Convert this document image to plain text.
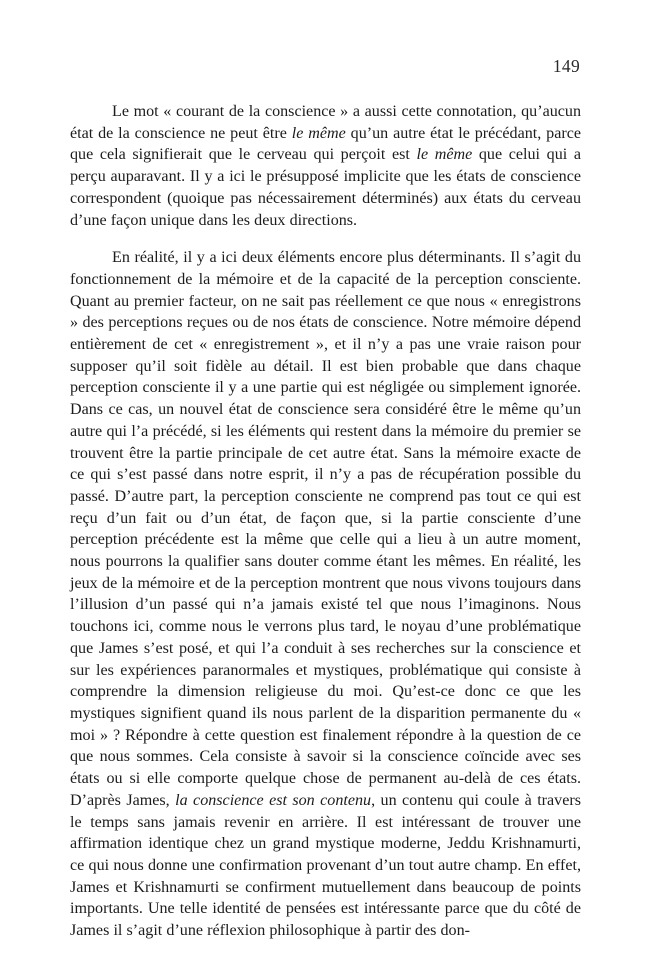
149

Le mot « courant de la conscience » a aussi cette connotation, qu’aucun état de la conscience ne peut être le même qu’un autre état le précédant, parce que cela signifierait que le cerveau qui perçoit est le même que celui qui a perçu auparavant. Il y a ici le présupposé implicite que les états de conscience correspondent (quoique pas nécessairement déterminés) aux états du cerveau d’une façon unique dans les deux directions.

En réalité, il y a ici deux éléments encore plus déterminants. Il s’agit du fonctionnement de la mémoire et de la capacité de la perception consciente. Quant au premier facteur, on ne sait pas réellement ce que nous « enregistrons » des perceptions reçues ou de nos états de conscience. Notre mémoire dépend entièrement de cet « enregistrement », et il n’y a pas une vraie raison pour supposer qu’il soit fidèle au détail. Il est bien probable que dans chaque perception consciente il y a une partie qui est négligée ou simplement ignorée. Dans ce cas, un nouvel état de conscience sera considéré être le même qu’un autre qui l’a précédé, si les éléments qui restent dans la mémoire du premier se trouvent être la partie principale de cet autre état. Sans la mémoire exacte de ce qui s’est passé dans notre esprit, il n’y a pas de récupération possible du passé. D’autre part, la perception consciente ne comprend pas tout ce qui est reçu d’un fait ou d’un état, de façon que, si la partie consciente d’une perception précédente est la même que celle qui a lieu à un autre moment, nous pourrons la qualifier sans douter comme étant les mêmes. En réalité, les jeux de la mémoire et de la perception montrent que nous vivons toujours dans l’illusion d’un passé qui n’a jamais existé tel que nous l’imaginons. Nous touchons ici, comme nous le verrons plus tard, le noyau d’une problématique que James s’est posé, et qui l’a conduit à ses recherches sur la conscience et sur les expériences paranormales et mystiques, problématique qui consiste à comprendre la dimension religieuse du moi. Qu’est-ce donc ce que les mystiques signifient quand ils nous parlent de la disparition permanente du « moi » ? Répondre à cette question est finalement répondre à la question de ce que nous sommes. Cela consiste à savoir si la conscience coïncide avec ses états ou si elle comporte quelque chose de permanent au-delà de ces états. D’après James, la conscience est son contenu, un contenu qui coule à travers le temps sans jamais revenir en arrière. Il est intéressant de trouver une affirmation identique chez un grand mystique moderne, Jeddu Krishnamurti, ce qui nous donne une confirmation provenant d’un tout autre champ. En effet, James et Krishnamurti se confirment mutuellement dans beaucoup de points importants. Une telle identité de pensées est intéressante parce que du côté de James il s’agit d’une réflexion philosophique à partir des don-
